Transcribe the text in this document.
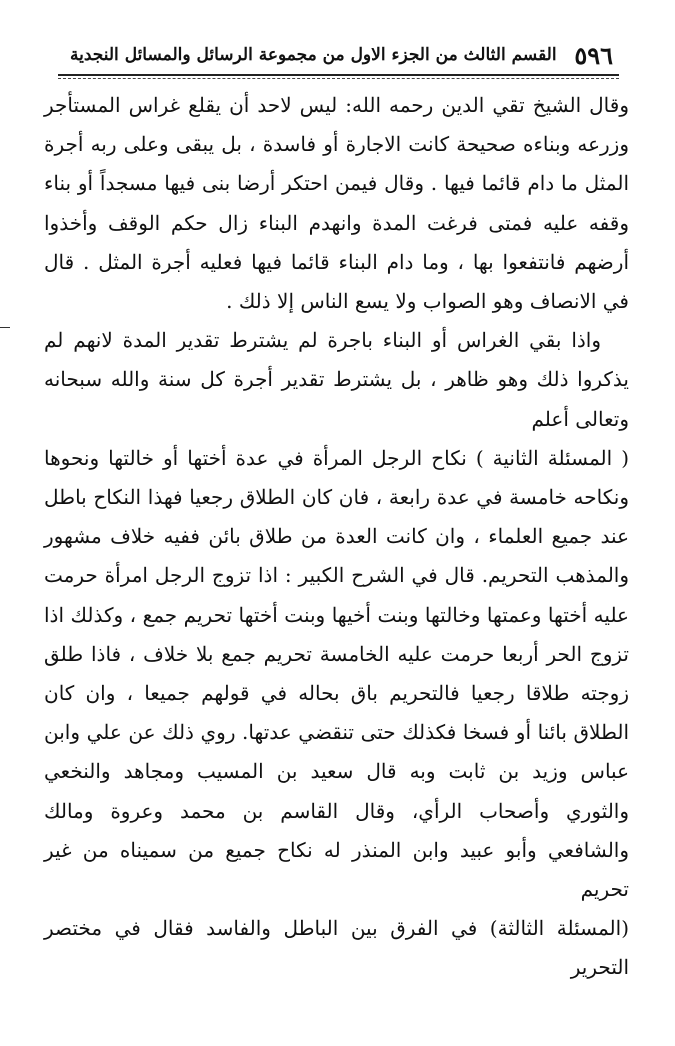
٥٩٦
القسم الثالث من الجزء الاول من مجموعة الرسائل والمسائل النجدية

وقال الشيخ تقي الدين رحمه الله: ليس لاحد أن يقلع غراس المستأجر وزرعه وبناءه صحيحة كانت الاجارة أو فاسدة ، بل يبقى وعلى ربه أجرة المثل ما دام قائما فيها . وقال فيمن احتكر أرضا بنى فيها مسجداً أو بناء وقفه عليه فمتى فرغت المدة وانهدم البناء زال حكم الوقف وأخذوا أرضهم فانتفعوا بها ، وما دام البناء قائما فيها فعليه أجرة المثل . قال في الانصاف وهو الصواب ولا يسع الناس إلا ذلك .

واذا بقي الغراس أو البناء باجرة لم يشترط تقدير المدة لانهم لم يذكروا ذلك وهو ظاهر ، بل يشترط تقدير أجرة كل سنة والله سبحانه وتعالى أعلم

( المسئلة الثانية ) نكاح الرجل المرأة في عدة أختها أو خالتها ونحوها ونكاحه خامسة في عدة رابعة ، فان كان الطلاق رجعيا فهذا النكاح باطل عند جميع العلماء ، وان كانت العدة من طلاق بائن ففيه خلاف مشهور والمذهب التحريم. قال في الشرح الكبير : اذا تزوج الرجل امرأة حرمت عليه أختها وعمتها وخالتها وبنت أخيها وبنت أختها تحريم جمع ، وكذلك اذا تزوج الحر أربعا حرمت عليه الخامسة تحريم جمع بلا خلاف ، فاذا طلق زوجته طلاقا رجعيا فالتحريم باق بحاله في قولهم جميعا ، وان كان الطلاق بائنا أو فسخا فكذلك حتى تنقضي عدتها. روي ذلك عن علي وابن عباس وزيد بن ثابت وبه قال سعيد بن المسيب ومجاهد والنخعي والثوري وأصحاب الرأي، وقال القاسم بن محمد وعروة ومالك والشافعي وأبو عبيد وابن المنذر له نكاح جميع من سميناه من غير تحريم

(المسئلة الثالثة) في الفرق بين الباطل والفاسد فقال في مختصر التحرير
